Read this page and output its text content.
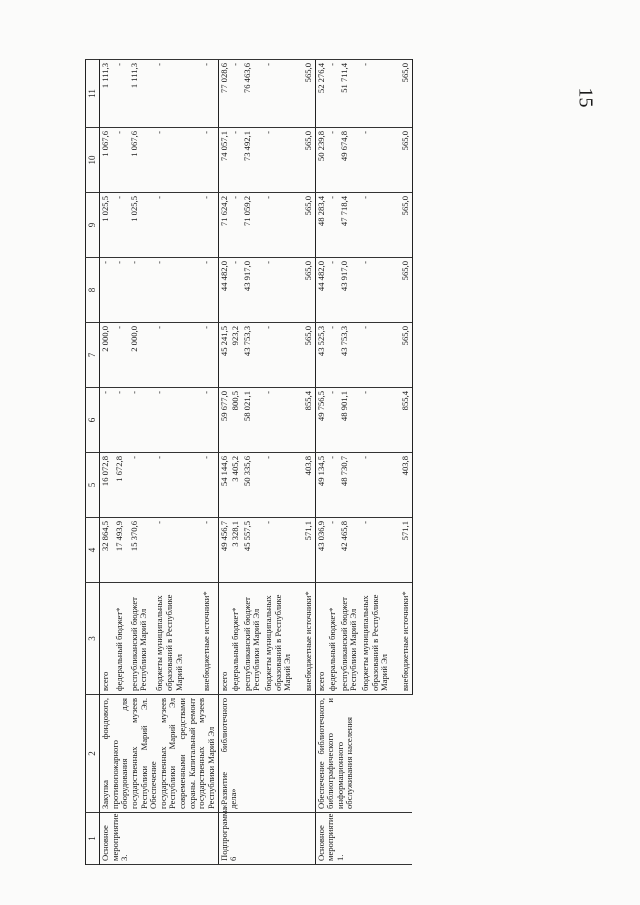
15
1	2	3	4	5	6	7	8	9	10	11
Основное мероприятие 3.	Закупка фондового, противопожарного оборудования для государственных музеев Республики Марий Эл. Обеспечение государственных музеев Республики Марий Эл современными средствами охраны. Капитальный ремонт государственных музеев Республики Марий Эл	всего	32 864,5	16 072,8	-	2 000,0	-	1 025,5	1 067,6	1 111,3
		федеральный бюджет*	17 493,9	1 672,8	-	-	-	-	-	-
		республиканский бюджет Республики Марий Эл	15 370,6	-	-	2 000,0	-	1 025,5	1 067,6	1 111,3
		бюджеты муниципальных образований в Республике Марий Эл	-	-	-	-	-	-	-	-
		внебюджетные источники*	-	-	-	-	-	-	-	-
Подпрограмма 6	«Развитие библиотечного дела»	всего	49 456,7	54 144,6	59 677,0	45 241,5	44 482,0	71 624,2	74 057,1	77 028,6
		федеральный бюджет*	3 328,1	3 405,2	800,5	923,2	-	-	-	-
		республиканский бюджет Республики Марий Эл	45 557,5	50 335,6	58 021,1	43 753,3	43 917,0	71 059,2	73 492,1	76 463,6
		бюджеты муниципальных образований в Республике Марий Эл	-	-	-	-	-	-	-	-
		внебюджетные источники*	571,1	403,8	855,4	565,0	565,0	565,0	565,0	565,0
Основное мероприятие 1.	Обеспечение библиотечного, библиографического и информационного обслуживания населения	всего	43 036,9	49 134,5	49 756,5	43 525,3	44 482,0	48 283,4	50 239,8	52 276,4
		федеральный бюджет*	-	-	-	-	-	-	-	-
		республиканский бюджет Республики Марий Эл	42 465,8	48 730,7	48 901,1	43 753,3	43 917,0	47 718,4	49 674,8	51 711,4
		бюджеты муниципальных образований в Республике Марий Эл	-	-	-	-	-	-	-	-
		внебюджетные источники*	571,1	403,8	855,4	565,0	565,0	565,0	565,0	565,0
